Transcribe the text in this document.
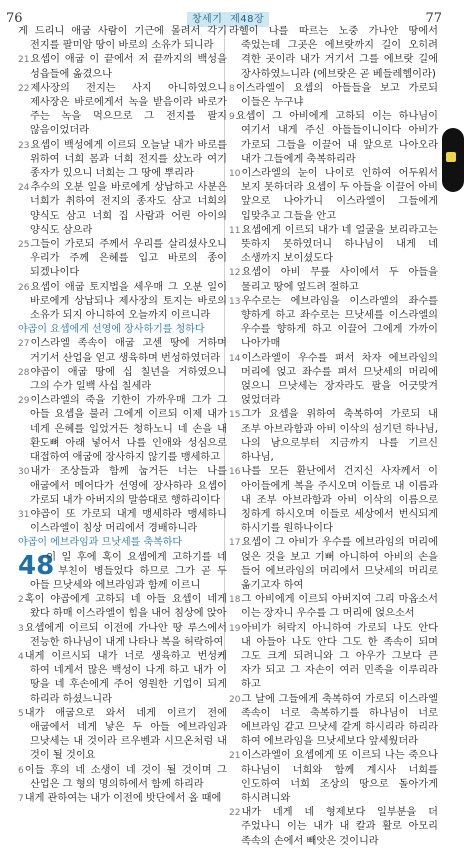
76	창세기 제48장	77

게 드리니 애굽 사람이 기근에 몰려서 각기 전지를 팔미암 땅이 바로의 소유가 되니라

21요셉이 애굽 이 끝에서 저 끝까지의 백성을 성읍들에 옮겼으나

22제사장의 전지는 사지 아니하였으니 제사장은 바로에게서 녹을 받음이라 바로가 주는 녹을 먹으므로 그 전지를 팔지 않음이었더라

23요셉이 백성에게 이르되 오늘날 내가 바로를 위하여 너희 몸과 너희 전지를 샀노라 여기 종자가 있으니 너희는 그 땅에 뿌리라

24추수의 오분 일을 바로에게 상납하고 사분은 너희가 취하여 전지의 종자도 삼고 너희의 양식도 삼고 너희 집 사람과 어린 아이의 양식도 삼으라

25그들이 가로되 주께서 우리를 살리셨사오니 우리가 주께 은혜를 입고 바로의 종이 되겠나이다

26요셉이 애굽 토지법을 세우매 그 오분 일이 바로에게 상납되나 제사장의 토지는 바로의 소유가 되지 아니하여 오늘까지 이르니라

야곱이 요셉에게 선영에 장사하기를 청하다

27이스라엘 족속이 애굽 고센 땅에 거하며 거기서 산업을 얻고 생육하며 번성하였더라

28야곱이 애굽 땅에 십 칠년을 거하였으니 그의 수가 일백 사십 칠세라

29이스라엘의 죽을 기한이 가까우매 그가 그 아들 요셉을 불러 그에게 이르되 이제 내가 네게 은혜를 입었거든 청하노니 네 손을 내 환도뼈 아래 넣어서 나를 인애와 성심으로 대접하여 애굽에 장사하지 않기를 맹세하고

30내가 조상들과 함께 눕거든 너는 나를 애굽에서 메어다가 선영에 장사하라 요셉이 가로되 내가 아버지의 말씀대로 행하리이다

31야곱이 또 가로되 내게 맹세하라 맹세하니 이스라엘이 침상 머리에서 경배하니라

야곱이 에브라임과 므낫세를 축복하다

48

이 일 후에 혹이 요셉에게 고하기를 네 부친이 병들었다 하므로 그가 곧 두 아들 므낫세와 에브라임과 함께 이르니

2혹이 야곱에게 고하되 네 아들 요셉이 네게 왔다 하매 이스라엘이 힘을 내어 침상에 앉아

3요셉에게 이르되 이전에 가나안 땅 루스에서 전능한 하나님이 내게 나타나 복을 허락하여

4내게 이르시되 내가 너로 생육하고 번성케 하여 네게서 많은 백성이 나게 하고 내가 이 땅을 네 후손에게 주어 영원한 기업이 되게 하리라 하셨느니라

5내가 애굽으로 와서 네게 이르기 전에 애굽에서 네게 낳은 두 아들 에브라임과 므낫세는 내 것이라 르우벤과 시므온처럼 내 것이 될 것이요

6이들 후의 네 소생이 네 것이 될 것이며 그 산업은 그 형의 명의하에서 함께 하리라

7내게 관하여는 내가 이전에 밧단에서 올 때에

라헬이 나를 따르는 노중 가나안 땅에서 죽었는데 그곳은 에브랏까지 길이 오히려 격한 곳이라 내가 거기서 그를 에브랏 길에 장사하였느니라 (에브랏은 곧 베들레헴이라)

8이스라엘이 요셉의 아들들을 보고 가로되 이들은 누구냐

9요셉이 그 아비에게 고하되 이는 하나님이 여기서 내게 주신 아들들이니이다 아비가 가로되 그들을 이끌어 내 앞으로 나아오라 내가 그들에게 축복하리라

10이스라엘의 눈이 나이로 인하여 어두워서 보지 못하더라 요셉이 두 아들을 이끌어 아비 앞으로 나아가니 이스라엘이 그들에게 입맞추고 그들을 안고

11요셉에게 이르되 내가 네 얼굴을 보리라고는 뜻하지 못하였더니 하나님이 내게 네 소생까지 보이셨도다

12요셉이 아비 무릎 사이에서 두 아들을 물리고 땅에 엎드려 절하고

13우수로는 에브라임을 이스라엘의 좌수를 향하게 하고 좌수로는 므낫세를 이스라엘의 우수를 향하게 하고 이끌어 그에게 가까이 나아가매

14이스라엘이 우수를 펴서 차자 에브라임의 머리에 얹고 좌수를 펴서 므낫세의 머리에 얹으니 므낫세는 장자라도 팔을 어긋맞겨 얹었더라

15그가 요셉을 위하여 축복하여 가로되 내 조부 아브라함과 아비 이삭의 섬기던 하나님, 나의 남으로부터 지금까지 나를 기르신 하나님,

16나를 모든 환난에서 건지신 사자께서 이 아이들에게 복을 주시오며 이들로 내 이름과 내 조부 아브라함과 아비 이삭의 이름으로 칭하게 하시오며 이들로 세상에서 번식되게 하시기를 원하나이다

17요셉이 그 아비가 우수를 에브라임의 머리에 얹은 것을 보고 기뻐 아니하여 아비의 손을 들어 에브라임의 머리에서 므낫세의 머리로 옮기고자 하여

18그 아비에게 이르되 아버지여 그리 마옵소서 이는 장자니 우수를 그 머리에 얹으소서

19아비가 허락지 아니하여 가로되 나도 안다 내 아들아 나도 안다 그도 한 족속이 되며 그도 크게 되려니와 그 아우가 그보다 큰 자가 되고 그 자손이 여러 민족을 이루리라 하고

20그 날에 그들에게 축복하여 가로되 이스라엘 족속이 너로 축복하기를 하나님이 너로 에브라임 같고 므낫세 같게 하시리라 하리라 하여 에브라임을 므낫세보다 앞세웠더라

21이스라엘이 요셉에게 또 이르되 나는 죽으나 하나님이 너희와 함께 계시사 너희를 인도하여 너희 조상의 땅으로 돌아가게 하시려니와

22내가 네게 네 형제보다 일부분을 더 주었나니 이는 내가 내 칼과 활로 아모리 족속의 손에서 빼앗은 것이니라
